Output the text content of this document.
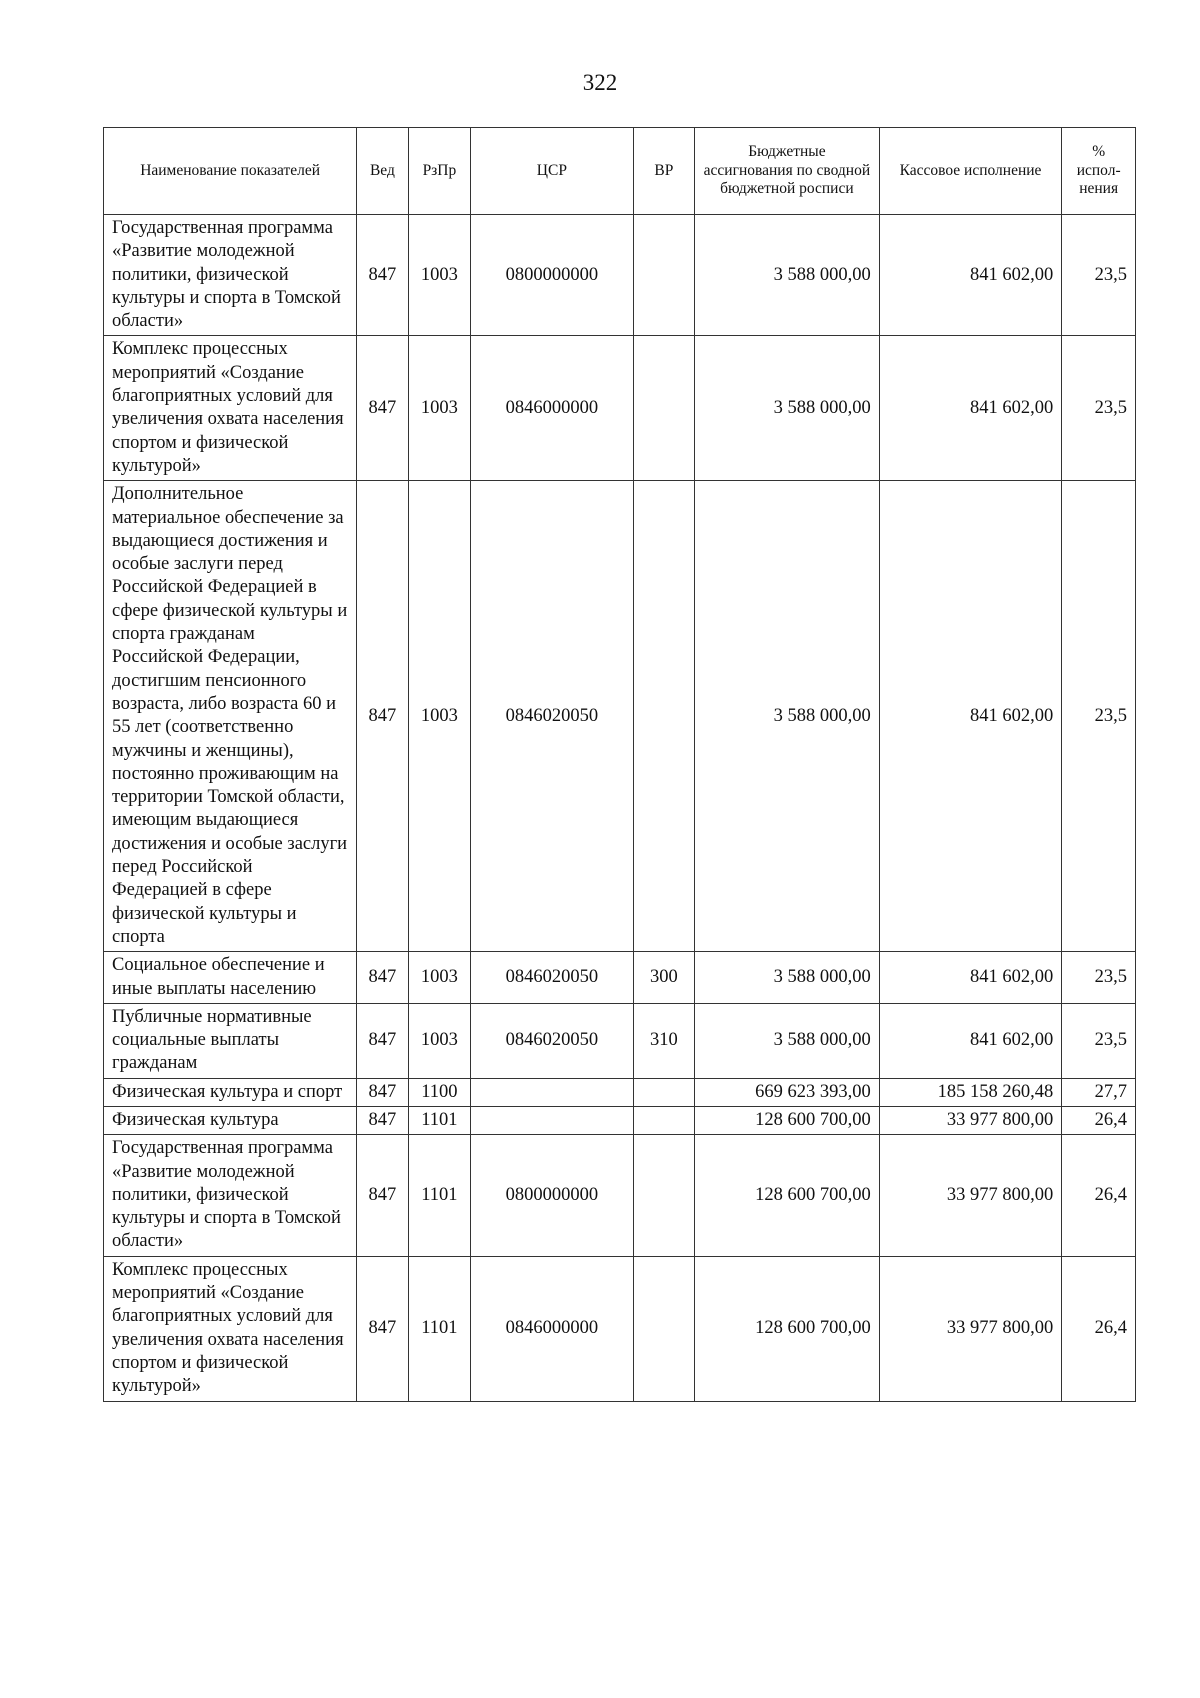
322
Наименование показателей	Вед	РзПр	ЦСР	ВР	Бюджетные ассигнования по сводной бюджетной росписи	Кассовое исполнение	% испол-нения
Государственная программа «Развитие молодежной политики, физической культуры и спорта в Томской области»	847	1003	0800000000		3 588 000,00	841 602,00	23,5
Комплекс процессных мероприятий «Создание благоприятных условий для увеличения охвата населения спортом и физической культурой»	847	1003	0846000000		3 588 000,00	841 602,00	23,5
Дополнительное материальное обеспечение за выдающиеся достижения и особые заслуги перед Российской Федерацией в сфере физической культуры и спорта гражданам Российской Федерации, достигшим пенсионного возраста, либо возраста 60 и 55 лет (соответственно мужчины и женщины), постоянно проживающим на территории Томской области, имеющим выдающиеся достижения и особые заслуги перед Российской Федерацией в сфере физической культуры и спорта	847	1003	0846020050		3 588 000,00	841 602,00	23,5
Социальное обеспечение и иные выплаты населению	847	1003	0846020050	300	3 588 000,00	841 602,00	23,5
Публичные нормативные социальные выплаты гражданам	847	1003	0846020050	310	3 588 000,00	841 602,00	23,5
Физическая культура и спорт	847	1100			669 623 393,00	185 158 260,48	27,7
Физическая культура	847	1101			128 600 700,00	33 977 800,00	26,4
Государственная программа «Развитие молодежной политики, физической культуры и спорта в Томской области»	847	1101	0800000000		128 600 700,00	33 977 800,00	26,4
Комплекс процессных мероприятий «Создание благоприятных условий для увеличения охвата населения спортом и физической культурой»	847	1101	0846000000		128 600 700,00	33 977 800,00	26,4
